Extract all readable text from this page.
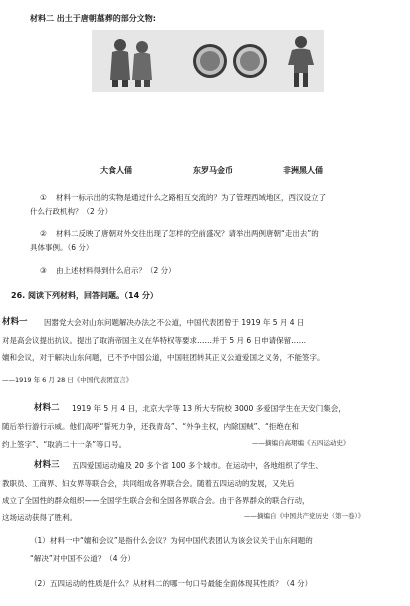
材料二 出土于唐朝墓葬的部分文物:
大食人俑	东罗马金币	非洲黑人俑
① 材料一标示出的实物是通过什么之路相互交流的？为了管理西域地区，西汉设立了
什么行政机构？（2 分）
② 材料二反映了唐朝对外交往出现了怎样的空前盛况？请举出两例唐朝“走出去”的
具体事例。（6 分）
③ 由上述材料得到什么启示？（2 分）
26. 阅读下列材料，回答问题。（14 分）
材料一 因嚣党大会对山东问题解决办法之不公道，中国代表团曾于 1919 年 5 月 4 日
对是高会议提出抗议。提出了取消帝国主义在华特权等要求……并于 5 月 6 日申请保留……
嬗和会议，对于解决山东问题，已不予中国公道，中国驻团转其正义公道爱国之义务，不能签字。
——1919 年 6 月 28 日《中国代表团宣言》
材料二 1919 年 5 月 4 日，北京大学等 13 所大专院校 3000 多爱国学生在天安门集会，
随后举行游行示威。他们高呼“誓死力争，还我青岛”、“外争主权，内除国贼”、“拒绝在和
约上签字”、“取消二十一条”等口号。	——摘编自高珺编《五四运动史》
材料三 五四爱国运动遍及 20 多个省 100 多个城市。在运动中，各地组织了学生、
教职员、工商界、妇女界等联合会，共同组成各界联合会。随着五四运动的发展，又先后
成立了全国性的群众组织——全国学生联合会和全国各界联合会。由于各界群众的联合行动，
这场运动获得了胜利。	——摘编自《中国共产党历史（第一卷）》
（1） 材料一中“嬗和会议”是指什么会议？为何中国代表团认为该会议关于山东问题的
“解决”对中国不公道？（4 分）
（2） 五四运动的性质是什么？从材料二的哪一句口号最能全面体现其性质？（4 分）
